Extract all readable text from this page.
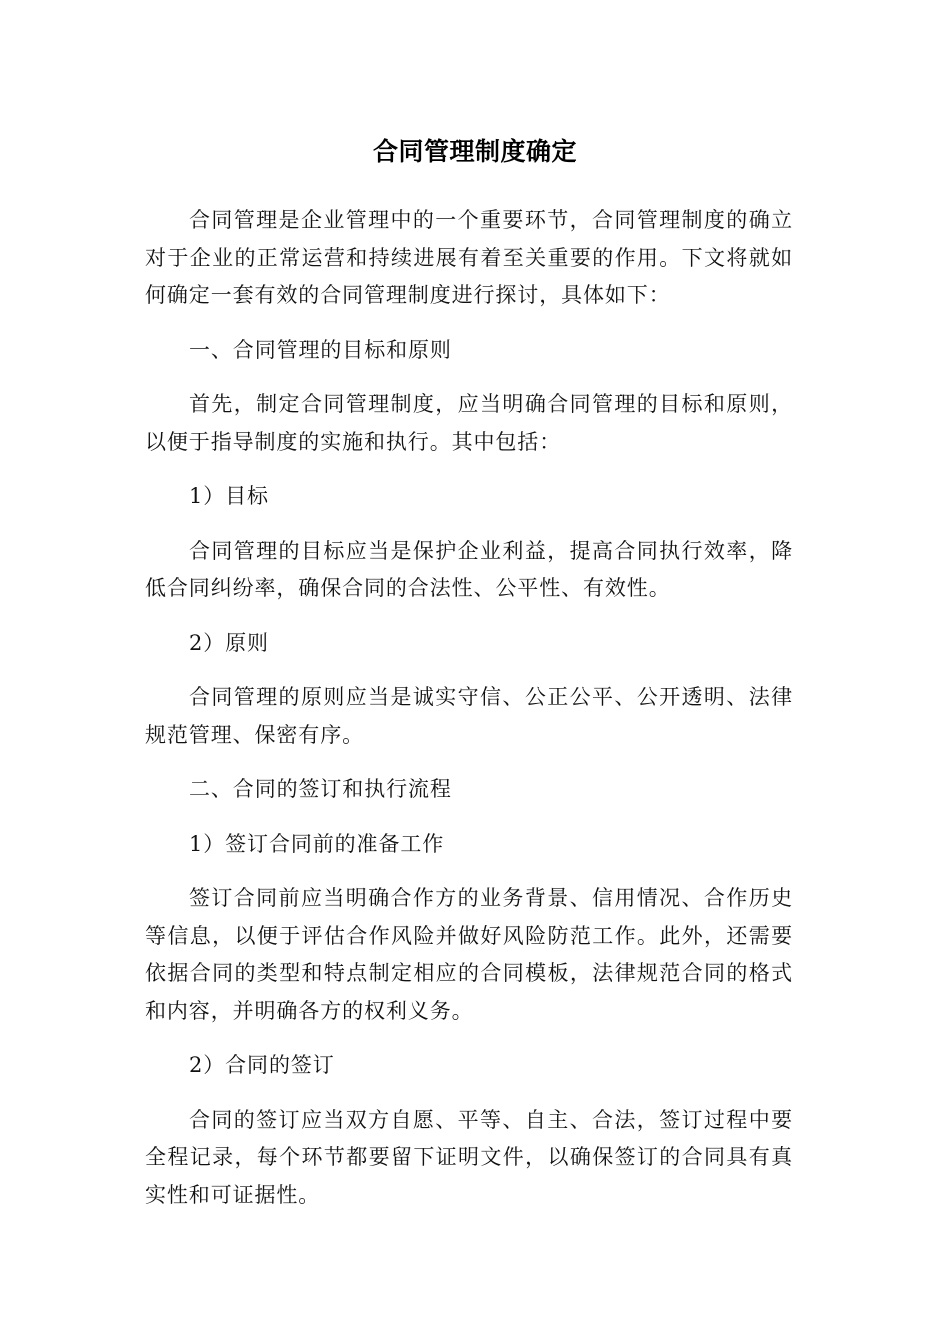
合同管理制度确定

合同管理是企业管理中的一个重要环节，合同管理制度的确立对于企业的正常运营和持续进展有着至关重要的作用。下文将就如何确定一套有效的合同管理制度进行探讨，具体如下：

一、合同管理的目标和原则

首先，制定合同管理制度，应当明确合同管理的目标和原则，以便于指导制度的实施和执行。其中包括：

1）目标

合同管理的目标应当是保护企业利益，提高合同执行效率，降低合同纠纷率，确保合同的合法性、公平性、有效性。

2）原则

合同管理的原则应当是诚实守信、公正公平、公开透明、法律规范管理、保密有序。

二、合同的签订和执行流程

1）签订合同前的准备工作

签订合同前应当明确合作方的业务背景、信用情况、合作历史等信息，以便于评估合作风险并做好风险防范工作。此外，还需要依据合同的类型和特点制定相应的合同模板，法律规范合同的格式和内容，并明确各方的权利义务。

2）合同的签订

合同的签订应当双方自愿、平等、自主、合法，签订过程中要全程记录，每个环节都要留下证明文件，以确保签订的合同具有真实性和可证据性。
